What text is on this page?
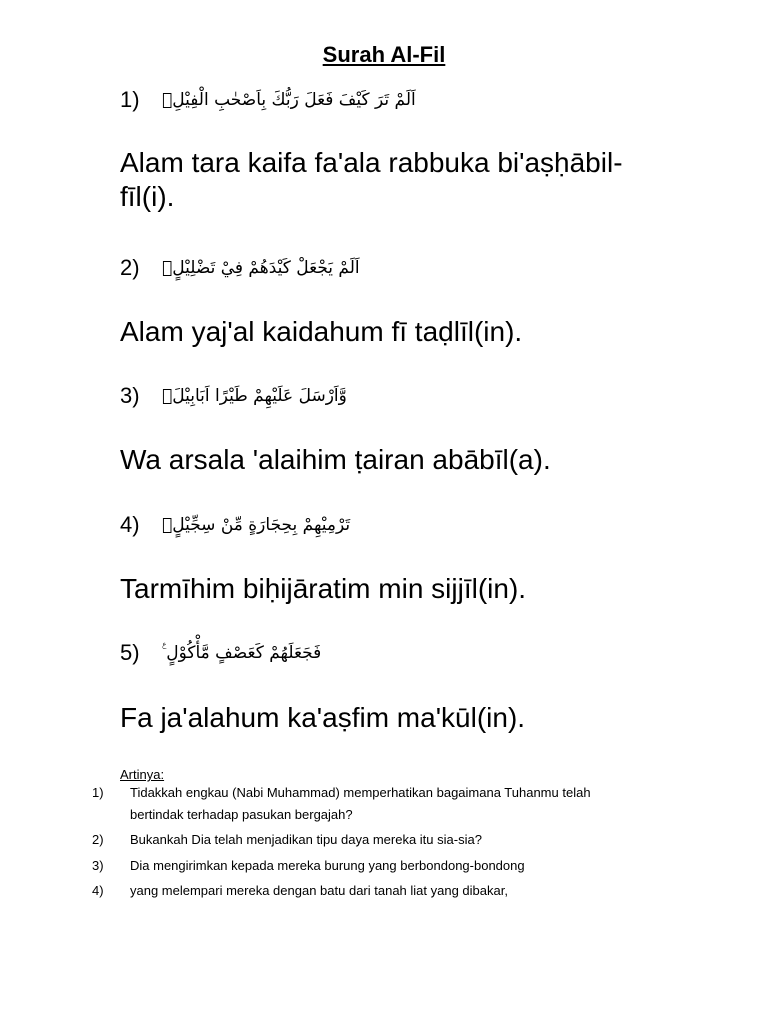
Surah Al-Fil
1)	اَلَمْ تَرَ كَيْفَ فَعَلَ رَبُّكَ بِاَصْحٰبِ الْفِيْلِۗ
Alam tara kaifa fa'ala rabbuka bi'aṣḥābil-fīl(i).
2)	اَلَمْ يَجْعَلْ كَيْدَهُمْ فِيْ تَضْلِيْلٍۙ
Alam yaj'al kaidahum fī taḍlīl(in).
3)	وَّاَرْسَلَ عَلَيْهِمْ طَيْرًا اَبَابِيْلَۙ
Wa arsala 'alaihim ṭairan abābīl(a).
4)	تَرْمِيْهِمْ بِحِجَارَةٍ مِّنْ سِجِّيْلٍۙ
Tarmīhim biḥijāratim min sijjīl(in).
5)	فَجَعَلَهُمْ كَعَصْفٍ مَّأْكُوْلٍ ࣖ
Fa ja'alahum ka'aṣfim ma'kūl(in).
Artinya:
1) Tidakkah engkau (Nabi Muhammad) memperhatikan bagaimana Tuhanmu telah
bertindak terhadap pasukan bergajah?
2) Bukankah Dia telah menjadikan tipu daya mereka itu sia-sia?
3) Dia mengirimkan kepada mereka burung yang berbondong-bondong
4) yang melempari mereka dengan batu dari tanah liat yang dibakar,
